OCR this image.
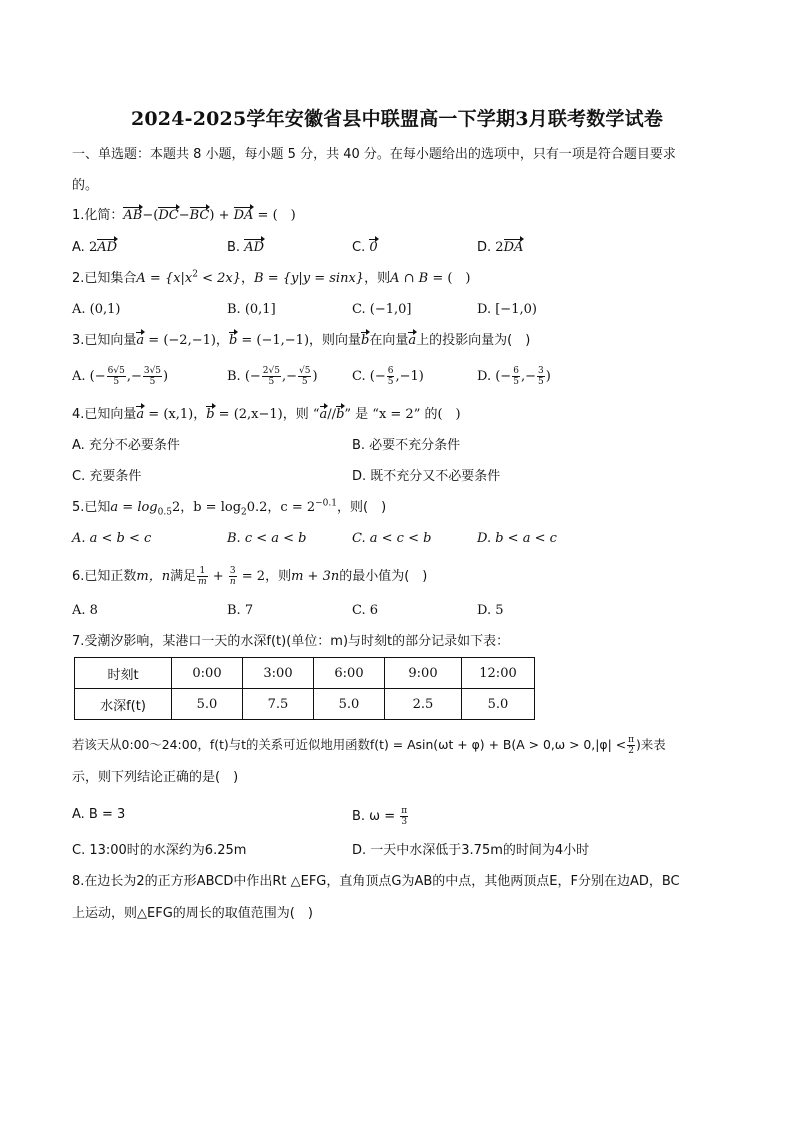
2024-2025学年安徽省县中联盟高一下学期3月联考数学试卷
一、单选题：本题共 8 小题，每小题 5 分，共 40 分。在每小题给出的选项中，只有一项是符合题目要求
的。
1.化简：AB−(DC−BC) + DA = (　)
A. 2AD	B. AD	C. 0	D. 2DA
2.已知集合$A = \{x|x^2 < 2x\}$，B = {y|y = sinx}，则A ∩ B = (　)
A. (0,1)	B. (0,1]	C. (−1,0]	D. [−1,0)
3.已知向量a = (−2,−1)，b = (−1,−1)，则向量b在向量a上的投影向量为(　)
A. (− $\frac{6√5}{5}$ ,− $\frac{3√5}{5}$ )	B. (− $\frac{2√5}{5}$ ,− $\frac{√5}{5}$ )	C. (− $\frac{6}{5} ,-1$)	D. (− $\frac{6}{5}$ ,− $\frac{3}{5}$ )
4.已知向量a = (x,1)，b = (2,x−1)，则 “a//b” 是 “x = 2” 的(　)
A. 充分不必要条件	B. 必要不充分条件
C. 充要条件	D. 既不充分又不必要条件
5.已知$a = \log_{0.5}2$，$b = \log_20.2$，$c = 2^{-0.1}$，则(　)
A. a < b < c	B. c < a < b	C. a < c < b	D. b < a < c
6.已知正数m，n满足 $\frac{1}{m} + \frac{3}{n} = 2$，则m + 3n的最小值为(　)
A. 8	B. 7	C. 6	D. 5
7.受潮汐影响，某港口一天的水深f(t)(单位：m)与时刻t的部分记录如下表：
时刻t	0:00	3:00	6:00	9:00	12:00
水深f(t)	5.0	7.5	5.0	2.5	5.0
若该天从0:00～24:00，f(t)与t的关系可近似地用函数$f(t) = Asin(\omega t + \varphi) + B(A > 0,\omega > 0,|\varphi| < \frac{\pi}{2}$ )来表
示，则下列结论正确的是(　)
A. B = 3	B. $\omega = \frac{\pi}{3}$
C. 13:00时的水深约为6.25m	D. 一天中水深低于3.75m的时间为4小时
8.在边长为2的正方形ABCD中作出Rt △EFG，直角顶点G为AB的中点，其他两顶点E，F分别在边AD，BC
上运动，则△EFG的周长的取值范围为(　)
